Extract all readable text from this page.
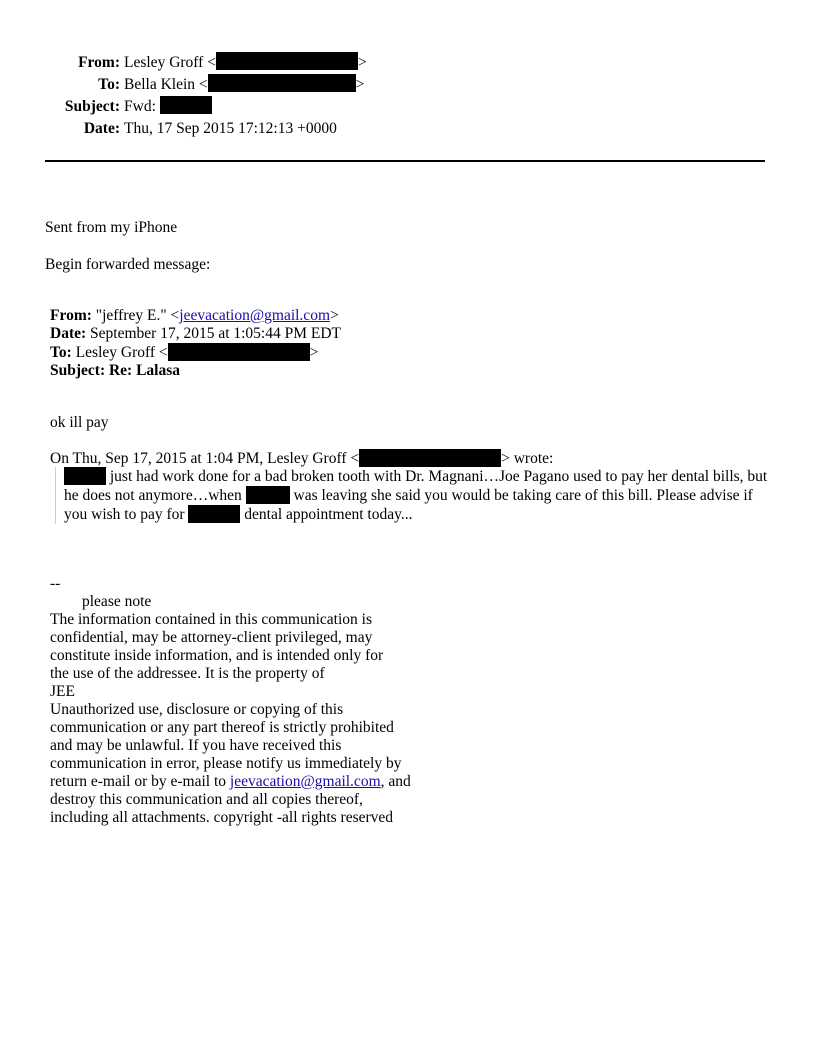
From: Lesley Groff <	>
To: Bella Klein <	>
Subject: Fwd:

Date: Thu, 17 Sep 2015 17:12:13 +0000
Sent from my iPhone
Begin forwarded message:
From: "jeffrey E." <jeevacation@gmail.com>
Date: September 17, 2015 at 1:05:44 PM EDT
To: Lesley Groff <	>
Subject: Re: Lalasa
ok ill pay
On Thu, Sep 17, 2015 at 1:04 PM, Lesley Groff <	> wrote:
just had work done for a bad broken tooth with Dr. Magnani…Joe Pagano used to pay her dental bills, but he does not anymore…when	was leaving she said you would be taking care of this bill. Please advise if you wish to pay for	dental appointment today...
--
please note
The information contained in this communication is
confidential, may be attorney-client privileged, may
constitute inside information, and is intended only for
the use of the addressee. It is the property of
JEE
Unauthorized use, disclosure or copying of this
communication or any part thereof is strictly prohibited
and may be unlawful. If you have received this
communication in error, please notify us immediately by
return e-mail or by e-mail to jeevacation@gmail.com, and
destroy this communication and all copies thereof,
including all attachments. copyright -all rights reserved
